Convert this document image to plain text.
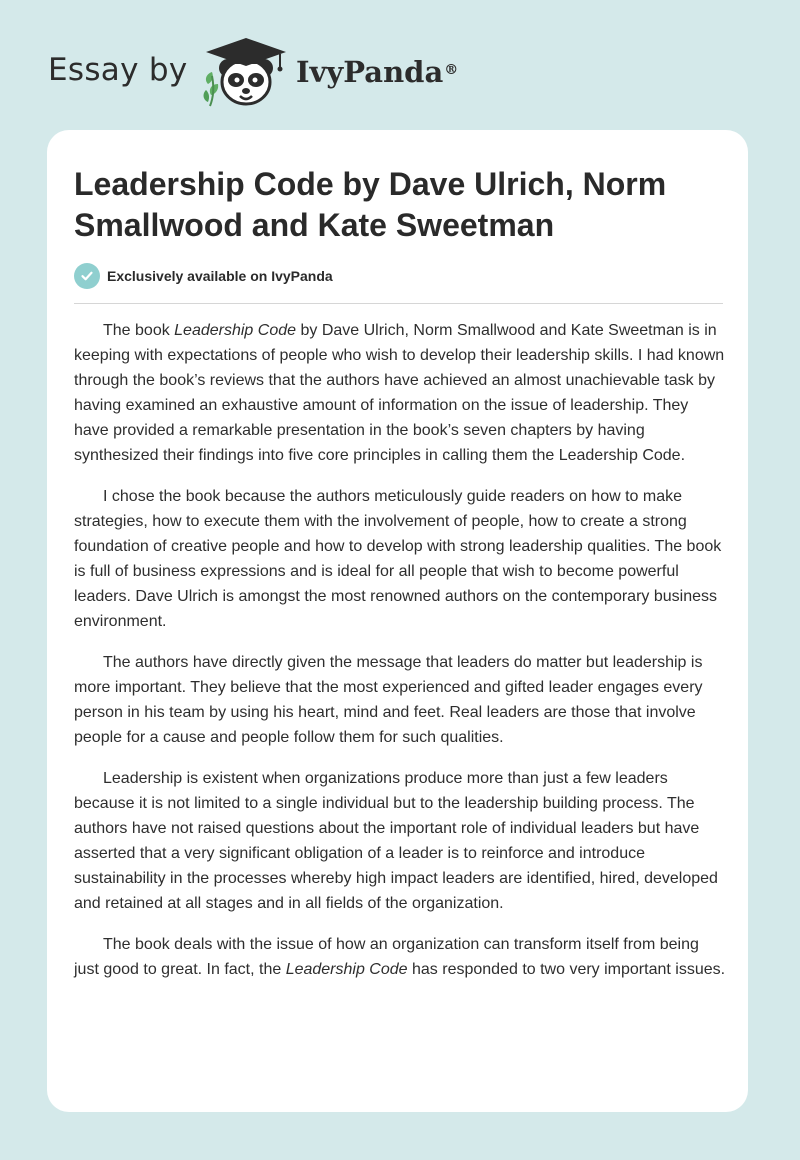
Essay by	IvyPanda®
Leadership Code by Dave Ulrich, Norm Smallwood and Kate Sweetman
Exclusively available on IvyPanda

The book Leadership Code by Dave Ulrich, Norm Smallwood and Kate Sweetman is in keeping with expectations of people who wish to develop their leadership skills. I had known through the book’s reviews that the authors have achieved an almost unachievable task by having examined an exhaustive amount of information on the issue of leadership. They have provided a remarkable presentation in the book’s seven chapters by having synthesized their findings into five core principles in calling them the Leadership Code.

I chose the book because the authors meticulously guide readers on how to make strategies, how to execute them with the involvement of people, how to create a strong foundation of creative people and how to develop with strong leadership qualities. The book is full of business expressions and is ideal for all people that wish to become powerful leaders. Dave Ulrich is amongst the most renowned authors on the contemporary business environment.

The authors have directly given the message that leaders do matter but leadership is more important. They believe that the most experienced and gifted leader engages every person in his team by using his heart, mind and feet. Real leaders are those that involve people for a cause and people follow them for such qualities.

Leadership is existent when organizations produce more than just a few leaders because it is not limited to a single individual but to the leadership building process. The authors have not raised questions about the important role of individual leaders but have asserted that a very significant obligation of a leader is to reinforce and introduce sustainability in the processes whereby high impact leaders are identified, hired, developed and retained at all stages and in all fields of the organization.

The book deals with the issue of how an organization can transform itself from being just good to great. In fact, the Leadership Code has responded to two very important issues.
